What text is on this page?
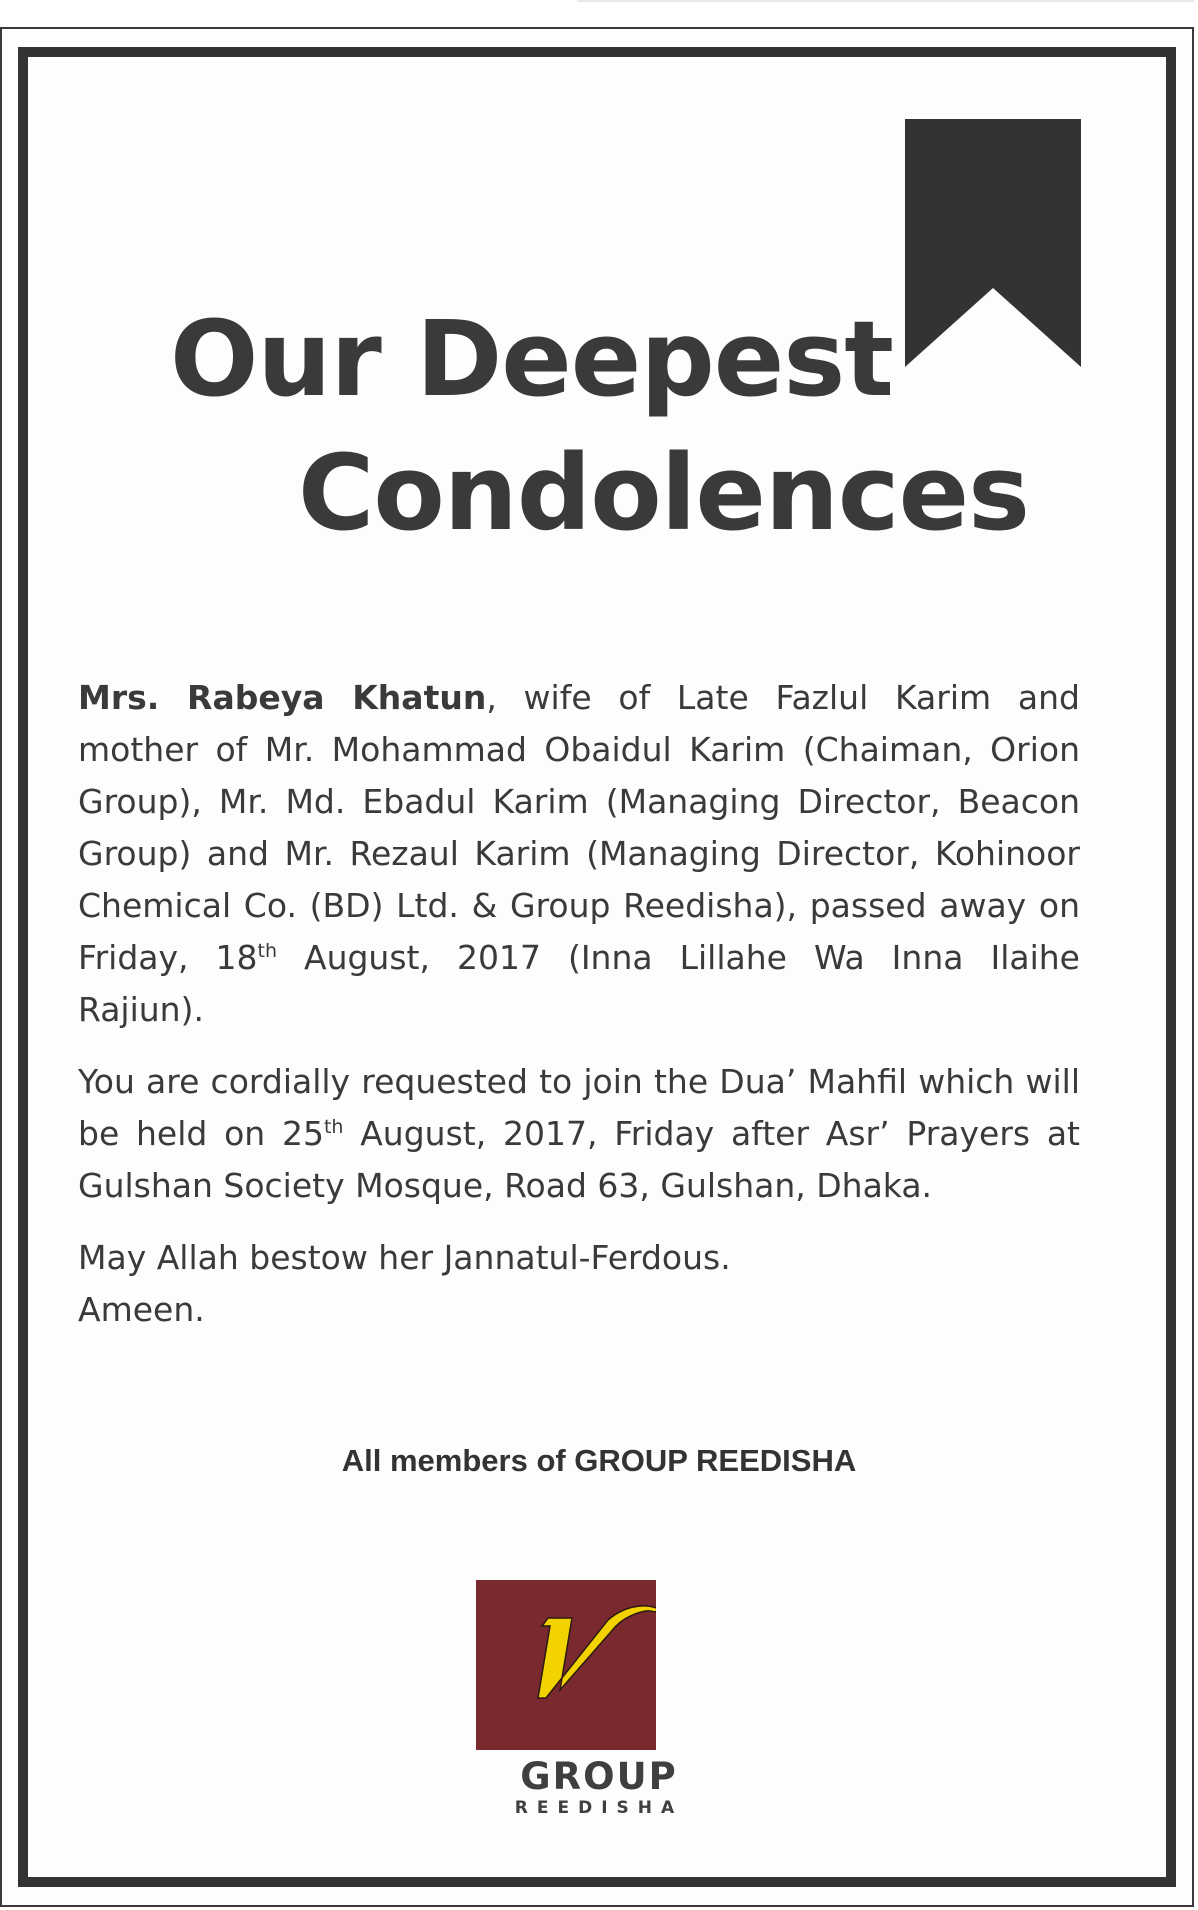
Our Deepest
Condolences

Mrs. Rabeya Khatun, wife of Late Fazlul Karim and mother of Mr. Mohammad Obaidul Karim (Chaiman, Orion Group), Mr. Md. Ebadul Karim (Managing Director, Beacon Group) and Mr. Rezaul Karim (Managing Director, Kohinoor Chemical Co. (BD) Ltd. & Group Reedisha), passed away on Friday, 18th August, 2017 (Inna Lillahe Wa Inna Ilaihe Rajiun).

You are cordially requested to join the Dua’ Mahfil which will be held on 25th August, 2017, Friday after Asr’ Prayers at Gulshan Society Mosque, Road 63, Gulshan, Dhaka.

May Allah bestow her Jannatul-Ferdous.

Ameen.

All members of GROUP REEDISHA

GROUP

REEDISHA
